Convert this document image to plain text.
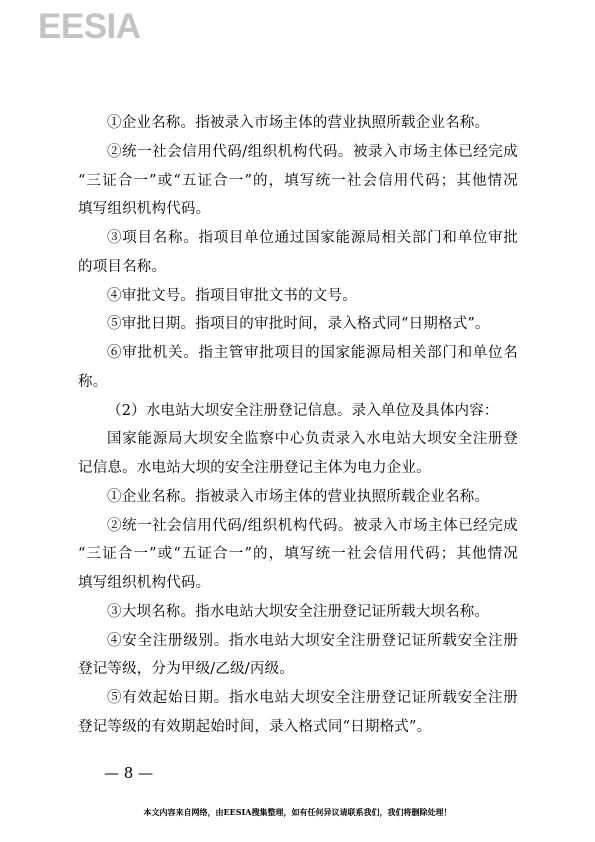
EESIA
①企业名称。指被录入市场主体的营业执照所载企业名称。
②统一社会信用代码/组织机构代码。被录入市场主体已经完成
“三证合一”或“五证合一”的，填写统一社会信用代码；其他情况
填写组织机构代码。
③项目名称。指项目单位通过国家能源局相关部门和单位审批
的项目名称。
④审批文号。指项目审批文书的文号。
⑤审批日期。指项目的审批时间，录入格式同“日期格式”。
⑥审批机关。指主管审批项目的国家能源局相关部门和单位名
称。
（2）水电站大坝安全注册登记信息。录入单位及具体内容：
国家能源局大坝安全监察中心负责录入水电站大坝安全注册登
记信息。水电站大坝的安全注册登记主体为电力企业。
①企业名称。指被录入市场主体的营业执照所载企业名称。
②统一社会信用代码/组织机构代码。被录入市场主体已经完成
“三证合一”或“五证合一”的，填写统一社会信用代码；其他情况
填写组织机构代码。
③大坝名称。指水电站大坝安全注册登记证所载大坝名称。
④安全注册级别。指水电站大坝安全注册登记证所载安全注册
登记等级，分为甲级/乙级/丙级。
⑤有效起始日期。指水电站大坝安全注册登记证所载安全注册
登记等级的有效期起始时间，录入格式同“日期格式”。
— 8 —
本文内容来自网络，由EESIA搜集整理，如有任何异议请联系我们，我们将删除处理！
